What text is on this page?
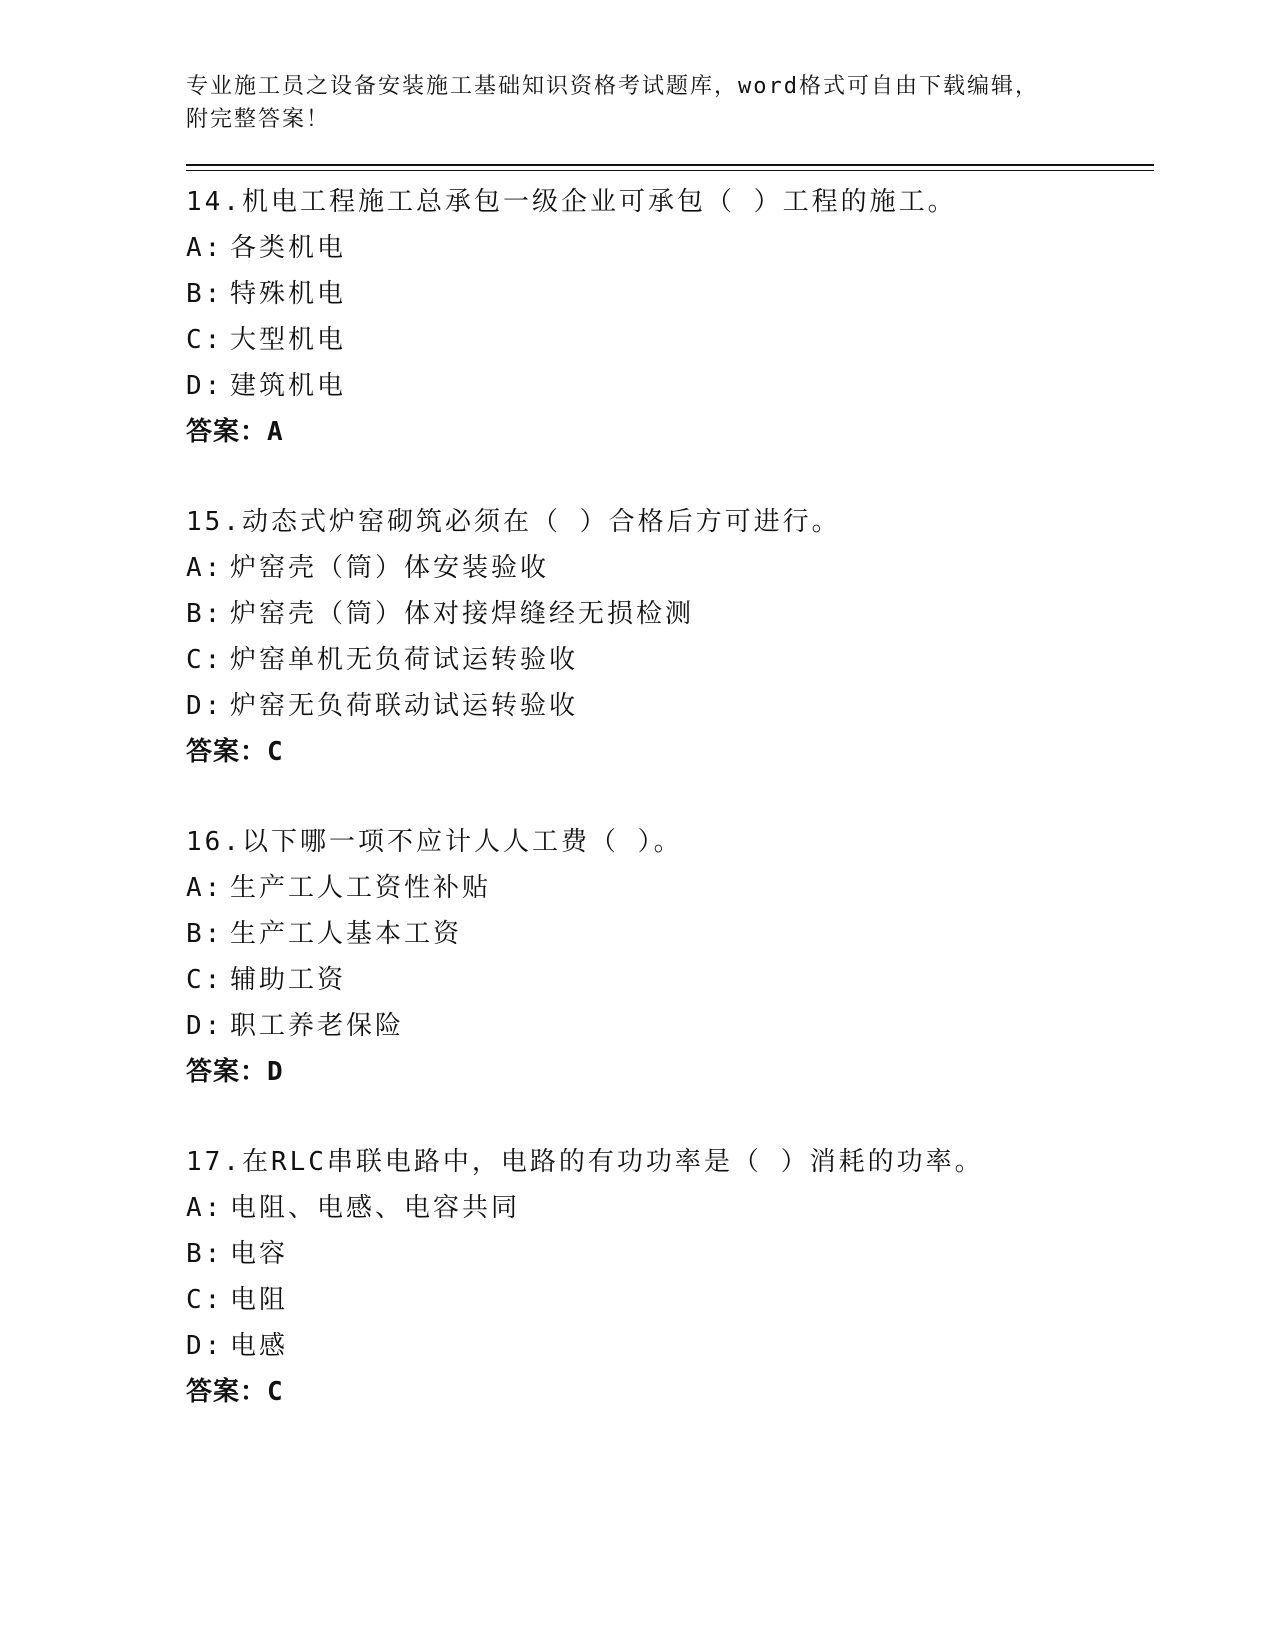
专业施工员之设备安装施工基础知识资格考试题库，word格式可自由下载编辑，

附完整答案！

14.机电工程施工总承包一级企业可承包（ ）工程的施工。
A: 各类机电
B: 特殊机电
C: 大型机电
D: 建筑机电
答案：A
15.动态式炉窑砌筑必须在（ ）合格后方可进行。
A: 炉窑壳（筒）体安装验收
B: 炉窑壳（筒）体对接焊缝经无损检测
C: 炉窑单机无负荷试运转验收
D: 炉窑无负荷联动试运转验收
答案：C
16.以下哪一项不应计人人工费（ ）。
A: 生产工人工资性补贴
B: 生产工人基本工资
C: 辅助工资
D: 职工养老保险
答案：D
17.在RLC串联电路中，电路的有功功率是（ ）消耗的功率。
A: 电阻、电感、电容共同
B: 电容
C: 电阻
D: 电感
答案：C
